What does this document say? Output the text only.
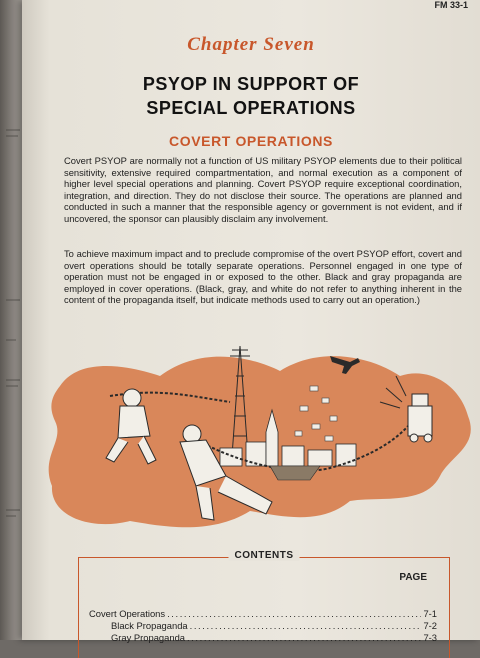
FM 33-1
Chapter Seven
PSYOP IN SUPPORT OF
SPECIAL OPERATIONS
COVERT OPERATIONS
Covert PSYOP are normally not a function of US military PSYOP elements due to their political sensitivity, extensive required compartmentation, and normal execution as a component of higher level special operations and planning. Covert PSYOP require exceptional coordination, integration, and direction. They do not disclose their source. The operations are planned and conducted in such a manner that the responsible agency or government is not evident, and if uncovered, the sponsor can plausibly disclaim any involvement.
To achieve maximum impact and to preclude compromise of the overt PSYOP effort, covert and overt operations should be totally separate operations. Personnel engaged in one type of operation must not be engaged in or exposed to the other. Black and gray propaganda are employed in cover operations. (Black, gray, and white do not refer to anything inherent in the content of the propaganda itself, but indicate methods used to carry out an operation.)
CONTENTS
PAGE
Covert Operations . . .	7-1
Black Propaganda . . .	7-2
Gray Propaganda . . .	7-3
